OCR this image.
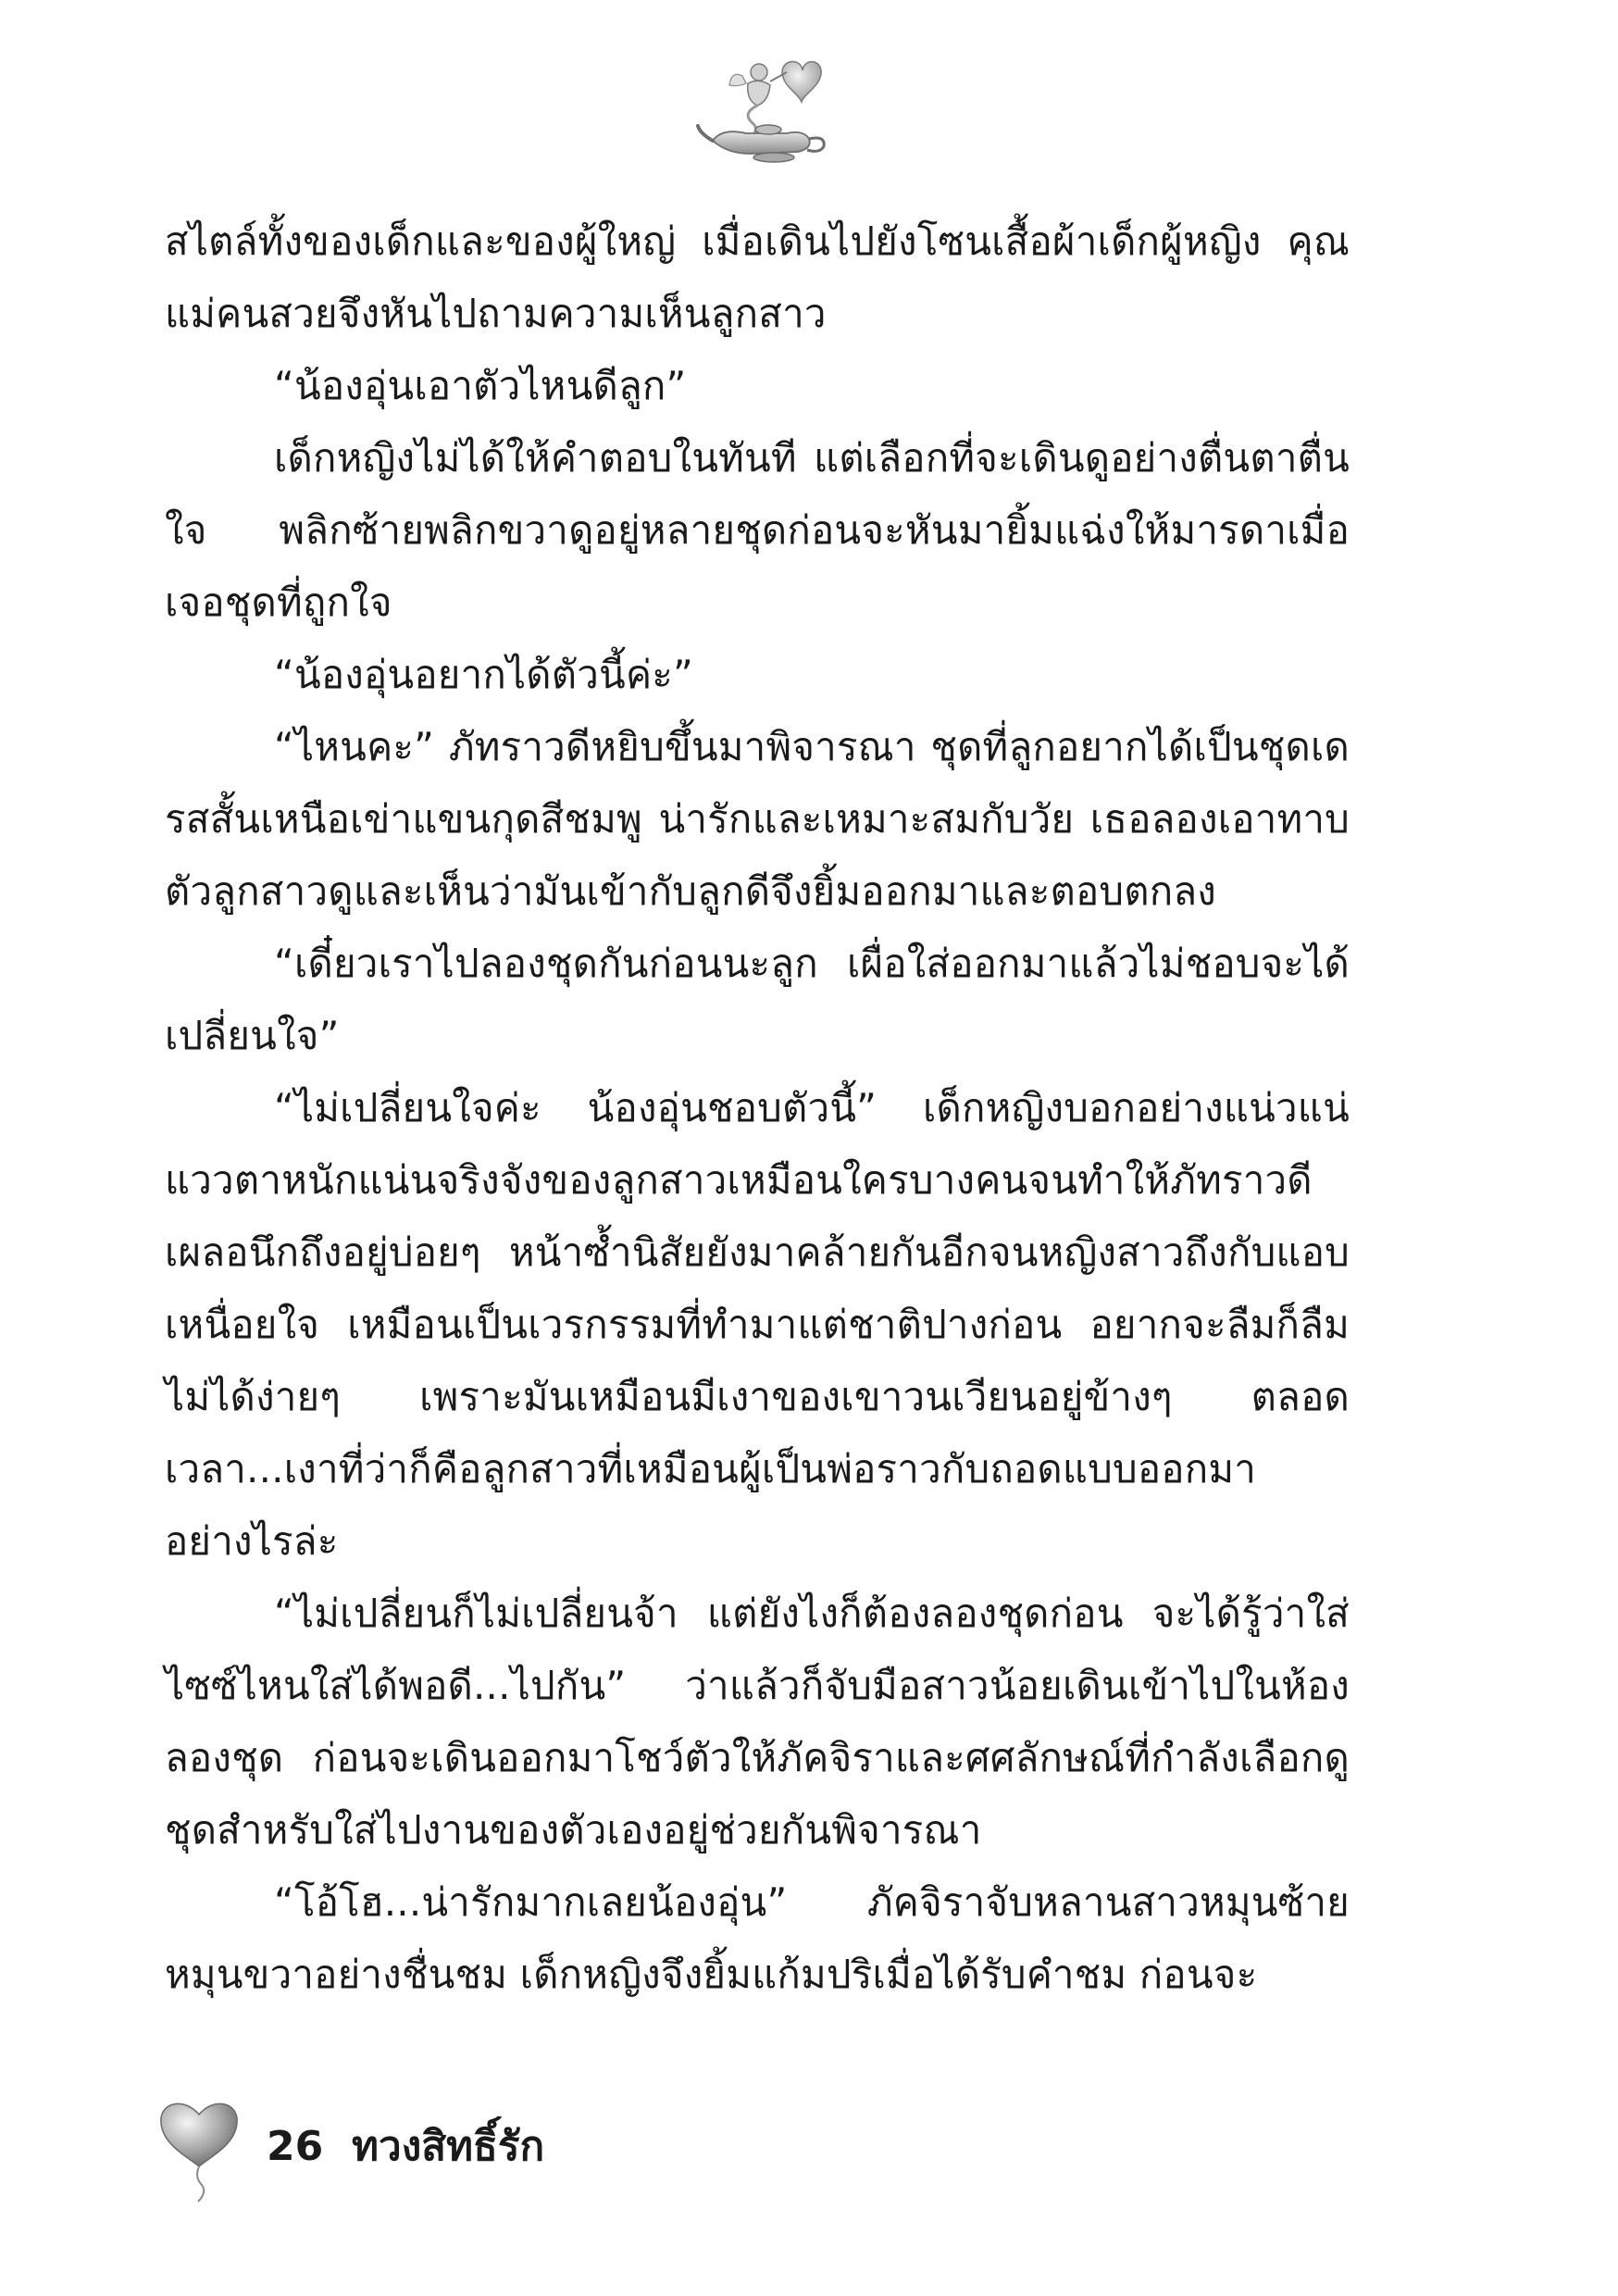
สไตล์ทั้งของเด็กและของผู้ใหญ่ เมื่อเดินไปยังโซนเสื้อผ้าเด็กผู้หญิง คุณแม่คนสวยจึงหันไปถามความเห็นลูกสาว

“น้องอุ่นเอาตัวไหนดีลูก”

เด็กหญิงไม่ได้ให้คำตอบในทันที แต่เลือกที่จะเดินดูอย่างตื่นตาตื่นใจ พลิกซ้ายพลิกขวาดูอยู่หลายชุดก่อนจะหันมายิ้มแฉ่งให้มารดาเมื่อเจอชุดที่ถูกใจ

“น้องอุ่นอยากได้ตัวนี้ค่ะ”

“ไหนคะ” ภัทราวดีหยิบขึ้นมาพิจารณา ชุดที่ลูกอยากได้เป็นชุดเดรสสั้นเหนือเข่าแขนกุดสีชมพู น่ารักและเหมาะสมกับวัย เธอลองเอาทาบตัวลูกสาวดูและเห็นว่ามันเข้ากับลูกดีจึงยิ้มออกมาและตอบตกลง

“เดี๋ยวเราไปลองชุดกันก่อนนะลูก เผื่อใส่ออกมาแล้วไม่ชอบจะได้เปลี่ยนใจ”

“ไม่เปลี่ยนใจค่ะ น้องอุ่นชอบตัวนี้” เด็กหญิงบอกอย่างแน่วแน่ แววตาหนักแน่นจริงจังของลูกสาวเหมือนใครบางคนจนทำให้ภัทราวดีเผลอนึกถึงอยู่บ่อยๆ หน้าซ้ำนิสัยยังมาคล้ายกันอีกจนหญิงสาวถึงกับแอบเหนื่อยใจ เหมือนเป็นเวรกรรมที่ทำมาแต่ชาติปางก่อน อยากจะลืมก็ลืมไม่ได้ง่ายๆ เพราะมันเหมือนมีเงาของเขาวนเวียนอยู่ข้างๆ ตลอดเวลา...เงาที่ว่าก็คือลูกสาวที่เหมือนผู้เป็นพ่อราวกับถอดแบบออกมาอย่างไรล่ะ

“ไม่เปลี่ยนก็ไม่เปลี่ยนจ้า แต่ยังไงก็ต้องลองชุดก่อน จะได้รู้ว่าใส่ไซซ์ไหนใส่ได้พอดี...ไปกัน” ว่าแล้วก็จับมือสาวน้อยเดินเข้าไปในห้องลองชุด ก่อนจะเดินออกมาโชว์ตัวให้ภัคจิราและศศลักษณ์ที่กำลังเลือกดูชุดสำหรับใส่ไปงานของตัวเองอยู่ช่วยกันพิจารณา

“โอ้โฮ...น่ารักมากเลยน้องอุ่น” ภัคจิราจับหลานสาวหมุนซ้ายหมุนขวาอย่างชื่นชม เด็กหญิงจึงยิ้มแก้มปริเมื่อได้รับคำชม ก่อนจะ

26 ทวงสิทธิ์รัก
